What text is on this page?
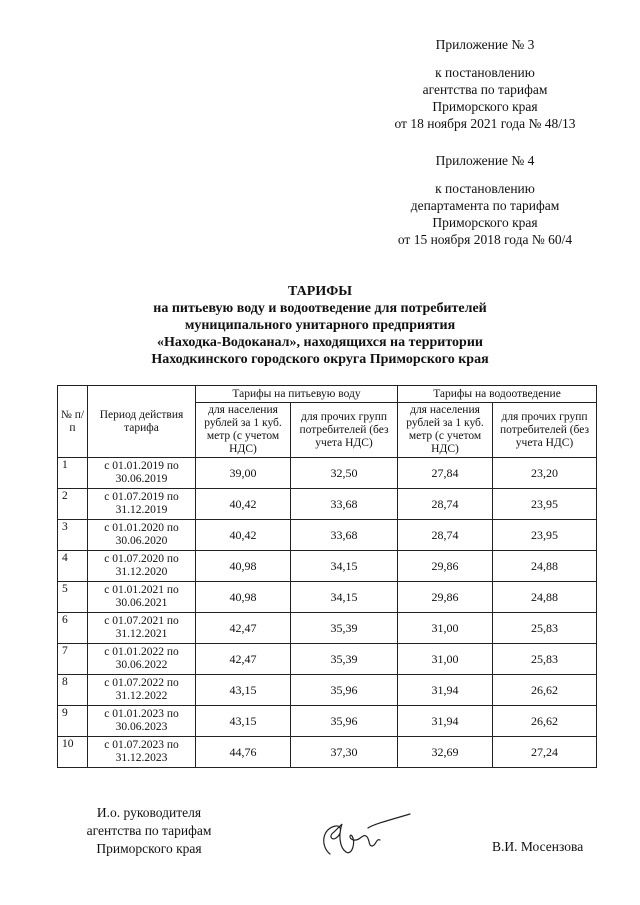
Приложение № 3
к постановлению
агентства по тарифам
Приморского края
от 18 ноября 2021 года № 48/13
Приложение № 4
к постановлению
департамента по тарифам
Приморского края
от 15 ноября 2018 года № 60/4
ТАРИФЫ
на питьевую воду и водоотведение для потребителей
муниципального унитарного предприятия
«Находка-Водоканал», находящихся на территории
Находкинского городского округа Приморского края
№ п/п	Период действия тарифа	Тарифы на питьевую воду		Тарифы на водоотведение	
		для населения рублей за 1 куб. метр (с учетом НДС)	для прочих групп потребителей (без учета НДС)	для населения рублей за 1 куб. метр (с учетом НДС)	для прочих групп потребителей (без учета НДС)
1	с 01.01.2019 по
30.06.2019	39,00	32,50	27,84	23,20
2	с 01.07.2019 по
31.12.2019	40,42	33,68	28,74	23,95
3	с 01.01.2020 по
30.06.2020	40,42	33,68	28,74	23,95
4	с 01.07.2020 по
31.12.2020	40,98	34,15	29,86	24,88
5	с 01.01.2021 по
30.06.2021	40,98	34,15	29,86	24,88
6	с 01.07.2021 по
31.12.2021	42,47	35,39	31,00	25,83
7	с 01.01.2022 по
30.06.2022	42,47	35,39	31,00	25,83
8	с 01.07.2022 по
31.12.2022	43,15	35,96	31,94	26,62
9	с 01.01.2023 по
30.06.2023	43,15	35,96	31,94	26,62
10	с 01.07.2023 по
31.12.2023	44,76	37,30	32,69	27,24
И.о. руководителя
агентства по тарифам
Приморского края	В.И. Мосензова
